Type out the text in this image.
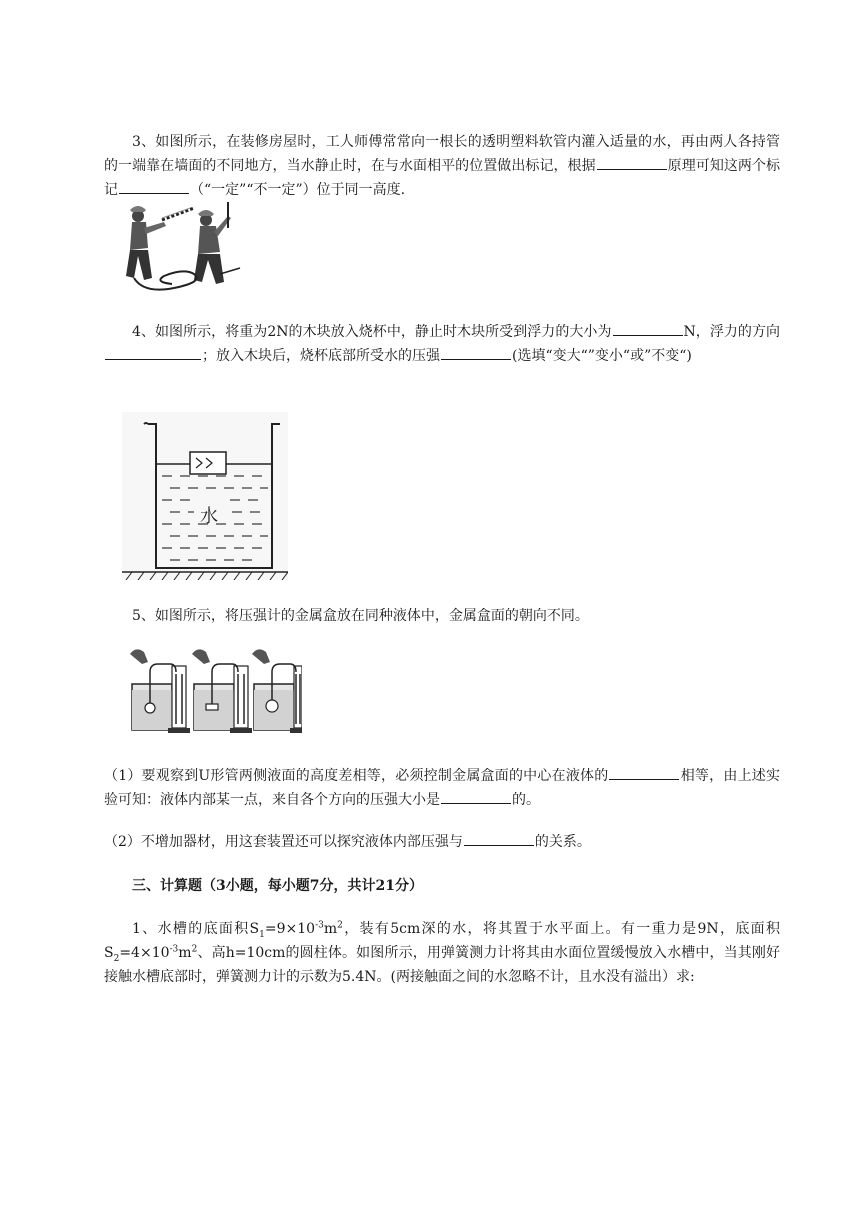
3、如图所示，在装修房屋时，工人师傅常常向一根长的透明塑料软管内灌入适量的水，再由两人各持管的一端靠在墙面的不同地方，当水静止时，在与水面相平的位置做出标记，根据	原理可知这两个标记	（“一定”“不一定”）位于同一高度.

4、如图所示，将重为2N的木块放入烧杯中，静止时木块所受到浮力的大小为	N，浮力的方向；放入木块后，烧杯底部所受水的压强	(选填“变大“”变小“或”不变“)

水

5、如图所示，将压强计的金属盒放在同种液体中，金属盒面的朝向不同。

（1）要观察到U形管两侧液面的高度差相等，必须控制金属盒面的中心在液体的	相等，由上述实验可知：液体内部某一点，来自各个方向的压强大小是	的。

（2）不增加器材，用这套装置还可以探究液体内部压强与	的关系。

三、计算题（3小题，每小题7分，共计21分）

1、水槽的底面积$S_1=9\times 10^{-3}m^2$，装有5cm深的水，将其置于水平面上。有一重力是9N，底面积$S_2=4\times 10^{-3}m^2$、高h=10cm的圆柱体。如图所示，用弹簧测力计将其由水面位置缓慢放入水槽中，当其刚好接触水槽底部时，弹簧测力计的示数为5.4N。(两接触面之间的水忽略不计，且水没有溢出）求:
